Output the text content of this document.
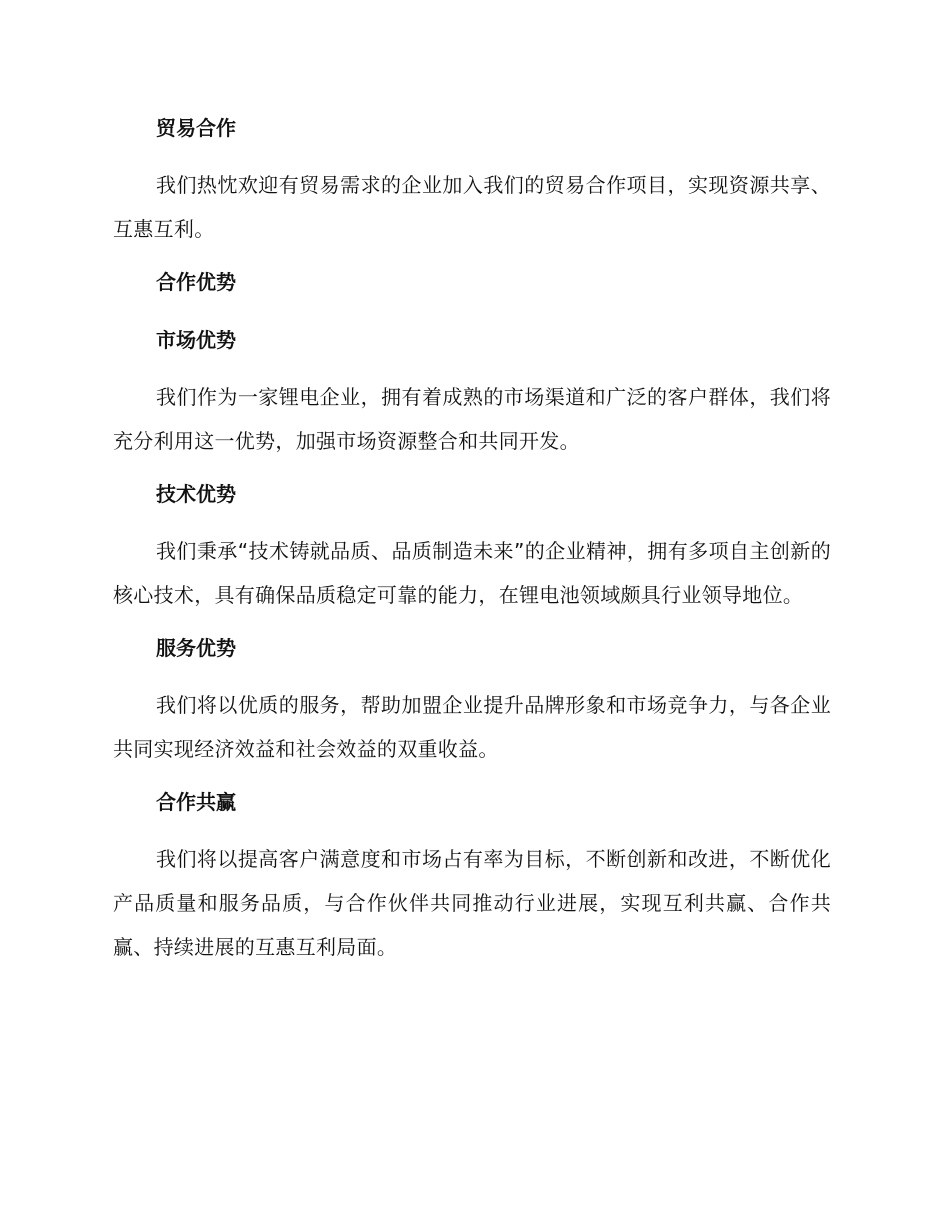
贸易合作

我们热忱欢迎有贸易需求的企业加入我们的贸易合作项目，实现资源共享、互惠互利。

合作优势
市场优势

我们作为一家锂电企业，拥有着成熟的市场渠道和广泛的客户群体，我们将充分利用这一优势，加强市场资源整合和共同开发。

技术优势

我们秉承“技术铸就品质、品质制造未来”的企业精神，拥有多项自主创新的核心技术，具有确保品质稳定可靠的能力，在锂电池领域颇具行业领导地位。

服务优势

我们将以优质的服务，帮助加盟企业提升品牌形象和市场竞争力，与各企业共同实现经济效益和社会效益的双重收益。

合作共赢

我们将以提高客户满意度和市场占有率为目标，不断创新和改进，不断优化产品质量和服务品质，与合作伙伴共同推动行业进展，实现互利共赢、合作共赢、持续进展的互惠互利局面。
